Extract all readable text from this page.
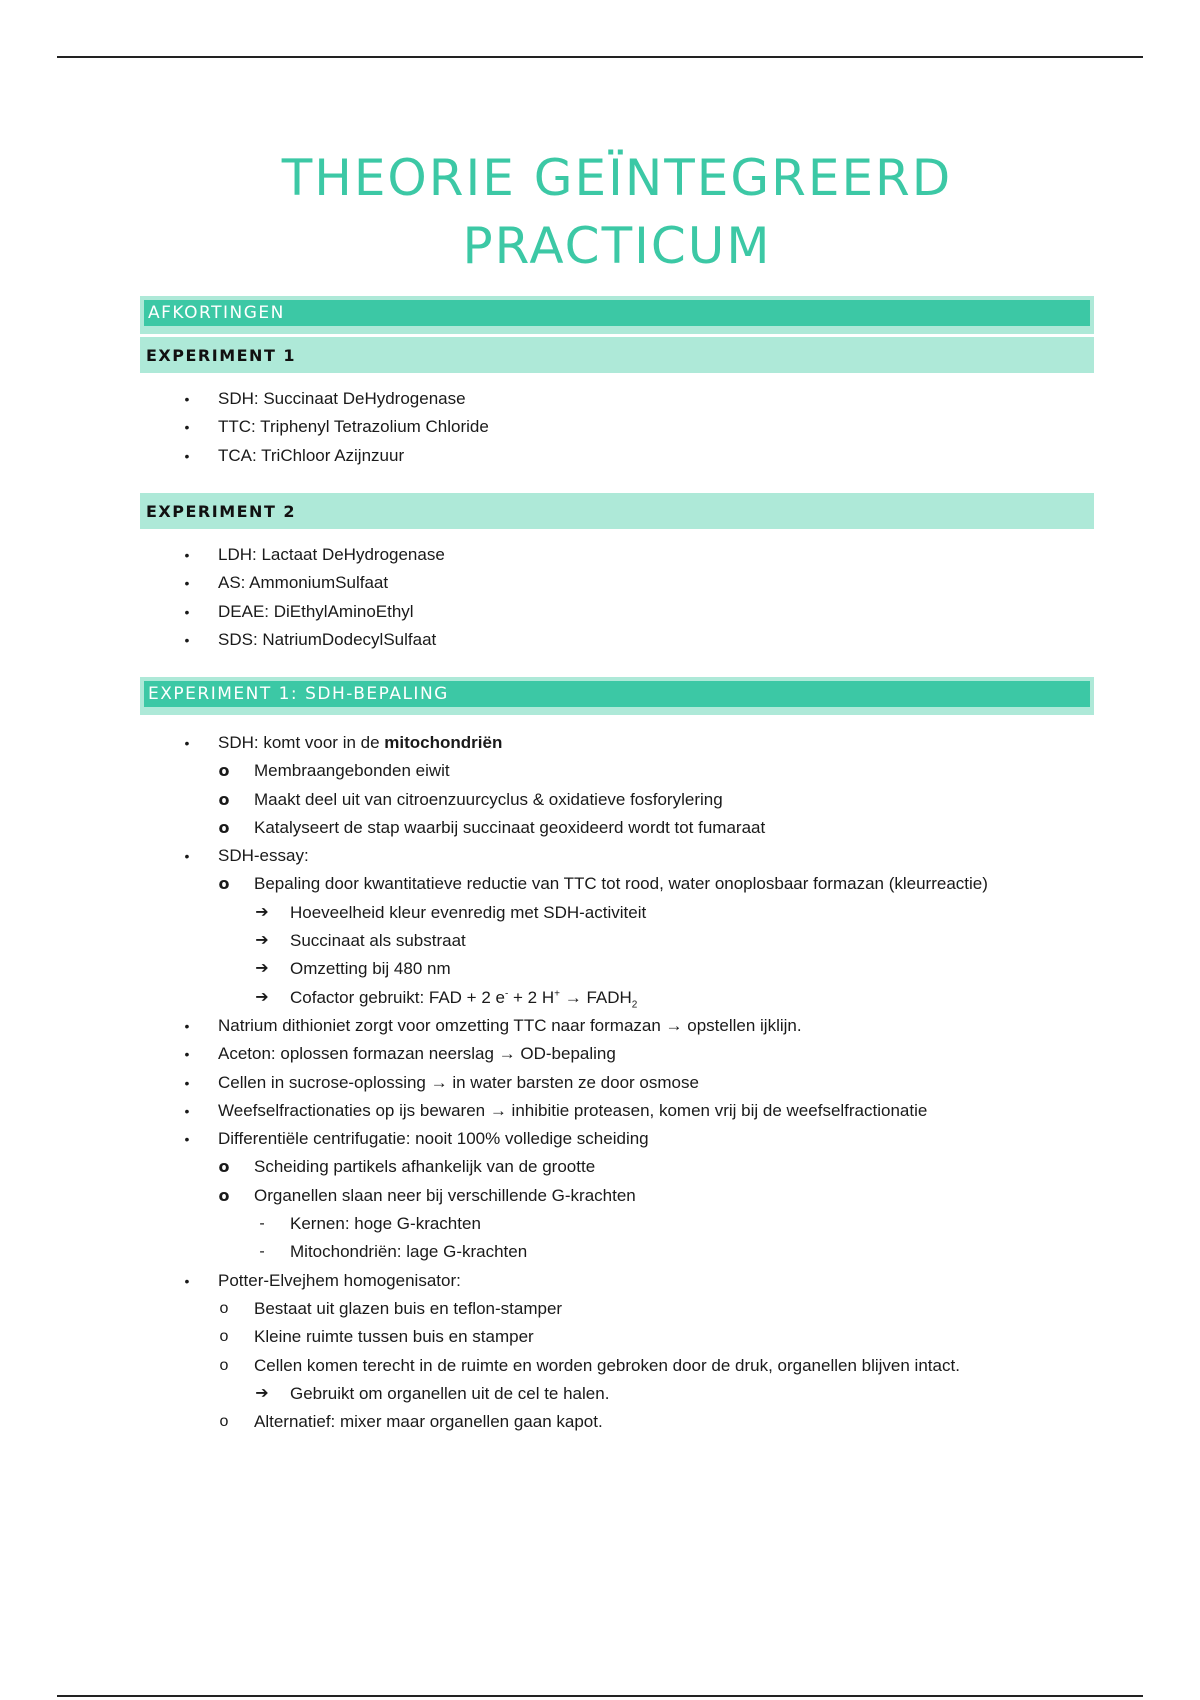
THEORIE GEÏNTEGREERD
PRACTICUM
AFKORTINGEN
EXPERIMENT 1
•	SDH: Succinaat DeHydrogenase
•	TTC: Triphenyl Tetrazolium Chloride
•	TCA: TriChloor Azijnzuur
EXPERIMENT 2
•	LDH: Lactaat DeHydrogenase
•	AS: AmmoniumSulfaat
•	DEAE: DiEthylAminoEthyl
•	SDS: NatriumDodecylSulfaat
EXPERIMENT 1: SDH-BEPALING
•	SDH: komt voor in de mitochondriën
o Membraangebonden eiwit
o Maakt deel uit van citroenzuurcyclus & oxidatieve fosforylering
o Katalyseert de stap waarbij succinaat geoxideerd wordt tot fumaraat
•	SDH-essay:
o Bepaling door kwantitatieve reductie van TTC tot rood, water onoplosbaar formazan (kleurreactie)
➔ Hoeveelheid kleur evenredig met SDH-activiteit
➔ Succinaat als substraat
➔ Omzetting bij 480 nm
➔ Cofactor gebruikt: FAD + 2 e- + 2 $H^+ \to FADH_2$
•	Natrium dithioniet zorgt voor omzetting TTC naar formazan → opstellen ijklijn.
•	Aceton: oplossen formazan neerslag → OD-bepaling
•	Cellen in sucrose-oplossing → in water barsten ze door osmose
•	Weefselfractionaties op ijs bewaren → inhibitie proteasen, komen vrij bij de weefselfractionatie
•	Differentiële centrifugatie: nooit 100% volledige scheiding
o Scheiding partikels afhankelijk van de grootte
o Organellen slaan neer bij verschillende G-krachten
-	Kernen: hoge G-krachten
-	Mitochondriën: lage G-krachten
•	Potter-Elvejhem homogenisator:
o	Bestaat uit glazen buis en teflon-stamper
o	Kleine ruimte tussen buis en stamper
o	Cellen komen terecht in de ruimte en worden gebroken door de druk, organellen blijven intact.
➔ Gebruikt om organellen uit de cel te halen.
o	Alternatief: mixer maar organellen gaan kapot.
